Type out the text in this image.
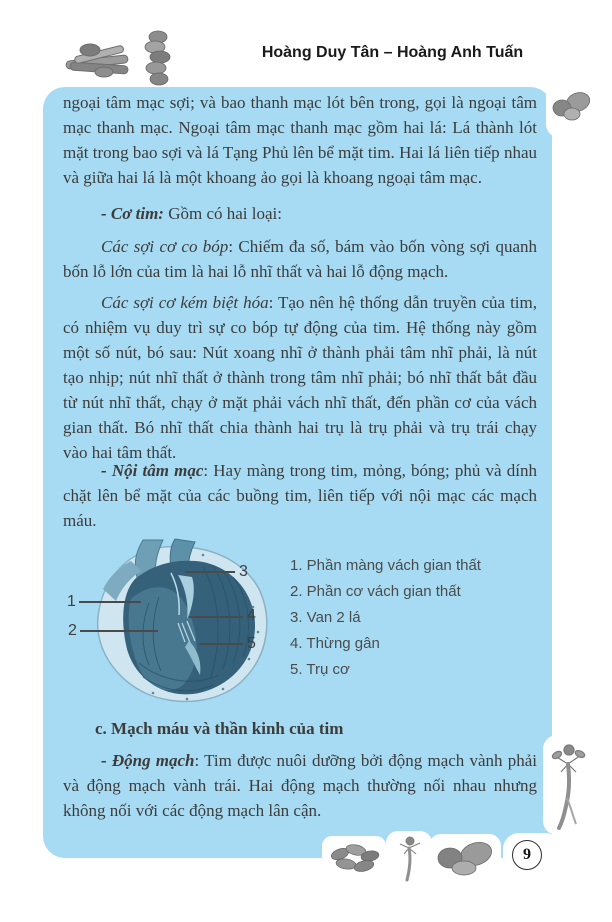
Hoàng Duy Tân – Hoàng Anh Tuấn

ngoại tâm mạc sợi; và bao thanh mạc lót bên trong, gọi là ngoại tâm mạc thanh mạc. Ngoại tâm mạc thanh mạc gồm hai lá: Lá thành lót mặt trong bao sợi và lá Tạng Phủ lên bể mặt tim. Hai lá liên tiếp nhau và giữa hai lá là một khoang ảo gọi là khoang ngoại tâm mạc.

- Cơ tim: Gồm có hai loại:

Các sợi cơ co bóp: Chiếm đa số, bám vào bốn vòng sợi quanh bốn lỗ lớn của tim là hai lỗ nhĩ thất và hai lỗ động mạch.

Các sợi cơ kém biệt hóa: Tạo nên hệ thống dẫn truyền của tim, có nhiệm vụ duy trì sự co bóp tự động của tim. Hệ thống này gồm một số nút, bó sau: Nút xoang nhĩ ở thành phải tâm nhĩ phải, là nút tạo nhịp; nút nhĩ thất ở thành trong tâm nhĩ phải; bó nhĩ thất bắt đầu từ nút nhĩ thất, chạy ở mặt phải vách nhĩ thất, đến phần cơ của vách gian thất. Bó nhĩ thất chia thành hai trụ là trụ phải và trụ trái chạy vào hai tâm thất.

- Nội tâm mạc: Hay màng trong tim, mỏng, bóng; phủ và dính chặt lên bể mặt của các buồng tim, liên tiếp với nội mạc các mạch máu.

1
2
3
4
5
1. Phần màng vách gian thất
2. Phần cơ vách gian thất
3. Van 2 lá
4. Thừng gân
5. Trụ cơ

c. Mạch máu và thần kinh của tim

- Động mạch: Tim được nuôi dưỡng bởi động mạch vành phải và động mạch vành trái. Hai động mạch thường nối nhau nhưng không nối với các động mạch lân cận.

9
